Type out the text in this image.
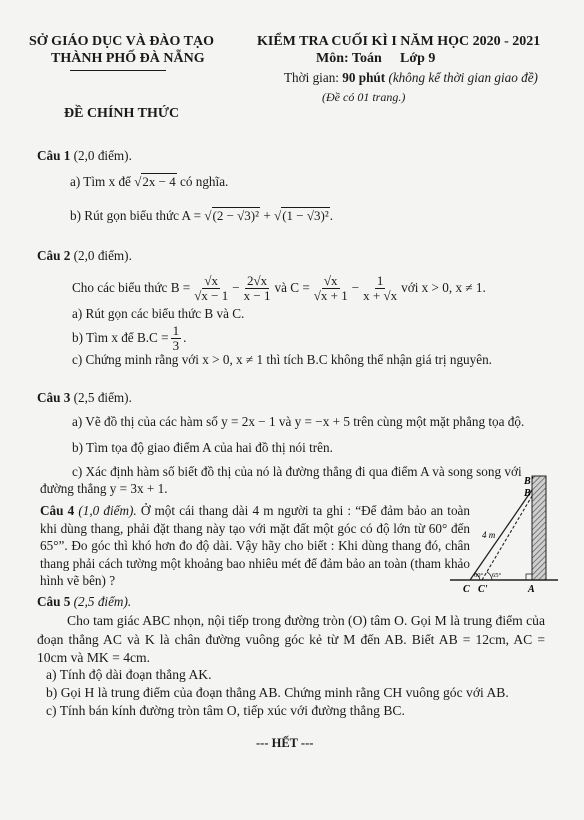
SỞ GIÁO DỤC VÀ ĐÀO TẠO
THÀNH PHỐ ĐÀ NẴNG
ĐỀ CHÍNH THỨC
KIỂM TRA CUỐI KÌ I NĂM HỌC 2020 - 2021
Môn: Toán Lớp 9
Thời gian: 90 phút (không kể thời gian giao đề)
(Đề có 01 trang.)
Câu 1 (2,0 điểm).
a) Tìm x để √2x − 4 có nghĩa.
b) Rút gọn biểu thức A = √(2 − √3)² + √(1 − √3)².
Câu 2 (2,0 điểm).
Cho các biểu thức $B = \frac{√x}{√x - 1} - \frac{2√x}{x - 1}$ và $C = \frac{√x}{√x + 1} - \frac{1}{x + √x}$ với x > 0, x ≠ 1.
a) Rút gọn các biểu thức B và C.
b) Tìm x để $B.C = \frac{1}{3}$ .
c) Chứng minh rằng với x > 0, x ≠ 1 thì tích B.C không thể nhận giá trị nguyên.
Câu 3 (2,5 điểm).
a) Vẽ đồ thị của các hàm số y = 2x − 1 và y = −x + 5 trên cùng một mặt phẳng tọa độ.
b) Tìm tọa độ giao điểm A của hai đồ thị nói trên.
c) Xác định hàm số biết đồ thị của nó là đường thẳng đi qua điểm A và song song với
đường thẳng y = 3x + 1.
Câu 4 (1,0 điểm). Ở một cái thang dài 4 m người ta ghi : “Để đảm bảo an toàn khi dùng thang, phải đặt thang này tạo với mặt đất một góc có độ lớn từ 60° đến 65°”. Đo góc thì khó hơn đo độ dài. Vậy hãy cho biết : Khi dùng thang đó, chân thang phải cách tường một khoảng bao nhiêu mét để đảm bảo an toàn (tham khảo hình vẽ bên) ?
B'
B
4 m
60° 65°
C C'	A
Câu 5 (2,5 điểm).
Cho tam giác ABC nhọn, nội tiếp trong đường tròn (O) tâm O. Gọi M là trung điểm của đoạn thẳng AC và K là chân đường vuông góc kẻ từ M đến AB. Biết AB = 12cm, AC = 10cm và MK = 4cm.
a) Tính độ dài đoạn thẳng AK.
b) Gọi H là trung điểm của đoạn thẳng AB. Chứng minh rằng CH vuông góc với AB.
c) Tính bán kính đường tròn tâm O, tiếp xúc với đường thẳng BC.
--- HẾT ---
